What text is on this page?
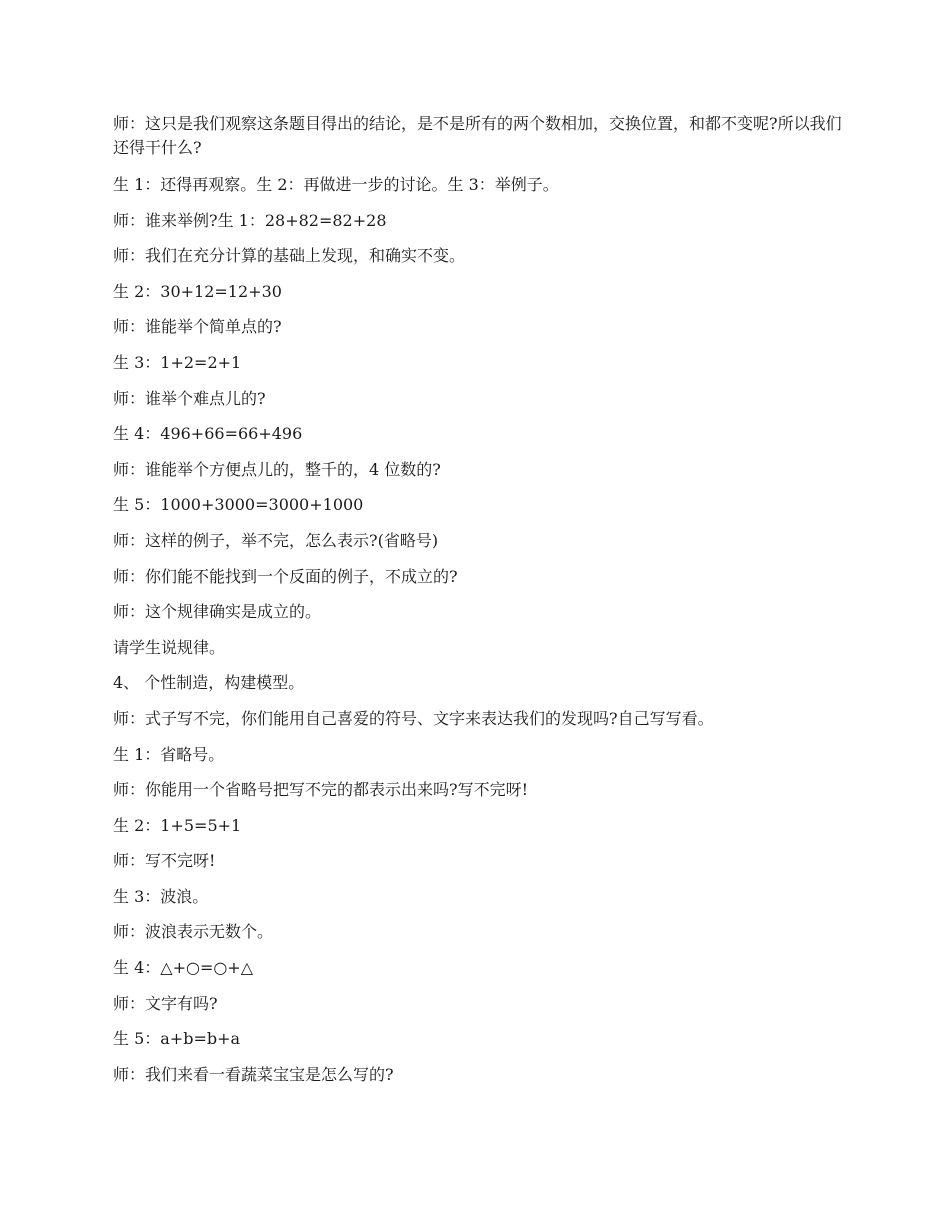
师：这只是我们观察这条题目得出的结论，是不是所有的两个数相加，交换位置，和都不变呢?所以我们还得干什么?

生 1：还得再观察。生 2：再做进一步的讨论。生 3：举例子。

师：谁来举例?生 1：28+82=82+28

师：我们在充分计算的基础上发现，和确实不变。

生 2：30+12=12+30

师：谁能举个简单点的?

生 3：1+2=2+1

师：谁举个难点儿的?

生 4：496+66=66+496

师：谁能举个方便点儿的，整千的，4 位数的?

生 5：1000+3000=3000+1000

师：这样的例子，举不完，怎么表示?(省略号)

师：你们能不能找到一个反面的例子，不成立的?

师：这个规律确实是成立的。

请学生说规律。

4、 个性制造，构建模型。

师：式子写不完，你们能用自己喜爱的符号、文字来表达我们的发现吗?自己写写看。

生 1：省略号。

师：你能用一个省略号把写不完的都表示出来吗?写不完呀!

生 2：1+5=5+1

师：写不完呀!

生 3：波浪。

师：波浪表示无数个。

生 4：△+○=○+△

师：文字有吗?

生 5：a+b=b+a

师：我们来看一看蔬菜宝宝是怎么写的?
